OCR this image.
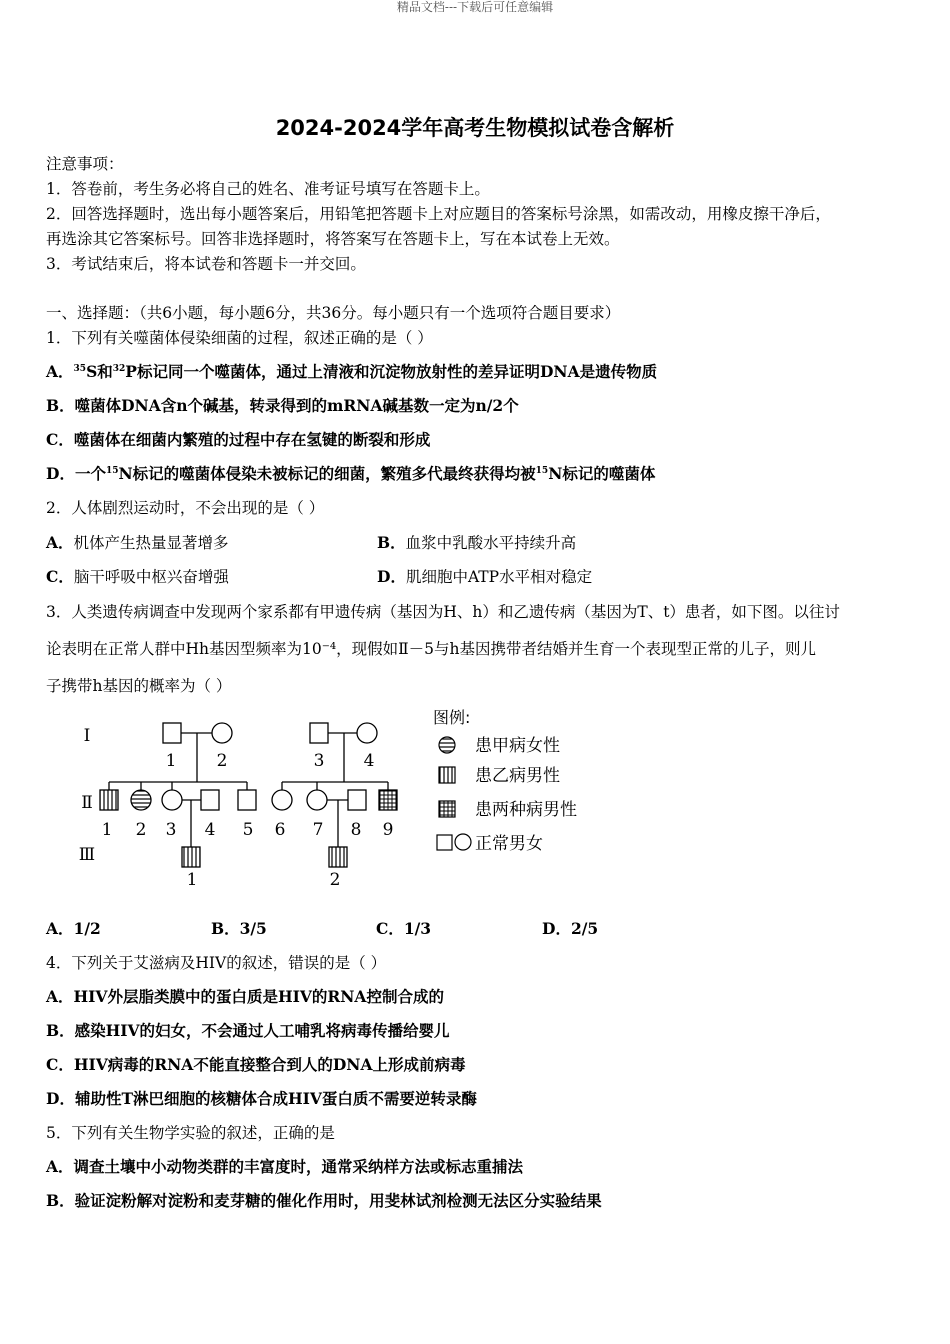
精品文档---下载后可任意编辑
2024-2024学年高考生物模拟试卷含解析
注意事项：
1．答卷前，考生务必将自己的姓名、准考证号填写在答题卡上。
2．回答选择题时，选出每小题答案后，用铅笔把答题卡上对应题目的答案标号涂黑，如需改动，用橡皮擦干净后，
再选涂其它答案标号。回答非选择题时，将答案写在答题卡上，写在本试卷上无效。
3．考试结束后，将本试卷和答题卡一并交回。
一、选择题：（共6小题，每小题6分，共36分。每小题只有一个选项符合题目要求）
1．下列有关噬菌体侵染细菌的过程，叙述正确的是（ ）
A．$^{35}$S和$^{32}$P标记同一个噬菌体，通过上清液和沉淀物放射性的差异证明DNA是遗传物质
B．噬菌体DNA含n个碱基，转录得到的mRNA碱基数一定为n/2个
C．噬菌体在细菌内繁殖的过程中存在氢键的断裂和形成
D．一个$^{15}$N标记的噬菌体侵染未被标记的细菌，繁殖多代最终获得均被$^{15}$N标记的噬菌体
2．人体剧烈运动时，不会出现的是（ ）
A．机体产生热量显著增多	B．血浆中乳酸水平持续升高
C．脑干呼吸中枢兴奋增强	D．肌细胞中ATP水平相对稳定
3．人类遗传病调查中发现两个家系都有甲遗传病（基因为H、h）和乙遗传病（基因为T、t）患者，如下图。以往讨
论表明在正常人群中Hh基因型频率为10⁻⁴，现假如Ⅱ－5与h基因携带者结婚并生育一个表现型正常的儿子，则儿
子携带h基因的概率为（ ）
Ⅰ
Ⅱ
Ⅲ
1 2	3 4
1 2 3 4 5 6 7 8 9
1	2
图例:
患甲病女性
患乙病男性
患两种病男性
正常男女
A．1/2	B．3/5	C．1/3	D．2/5
4．下列关于艾滋病及HIV的叙述，错误的是（ ）
A．HIV外层脂类膜中的蛋白质是HIV的RNA控制合成的
B．感染HIV的妇女，不会通过人工哺乳将病毒传播给婴儿
C．HIV病毒的RNA不能直接整合到人的DNA上形成前病毒
D．辅助性T淋巴细胞的核糖体合成HIV蛋白质不需要逆转录酶
5．下列有关生物学实验的叙述，正确的是
A．调查土壤中小动物类群的丰富度时，通常采纳样方法或标志重捕法
B．验证淀粉解对淀粉和麦芽糖的催化作用时，用斐林试剂检测无法区分实验结果
